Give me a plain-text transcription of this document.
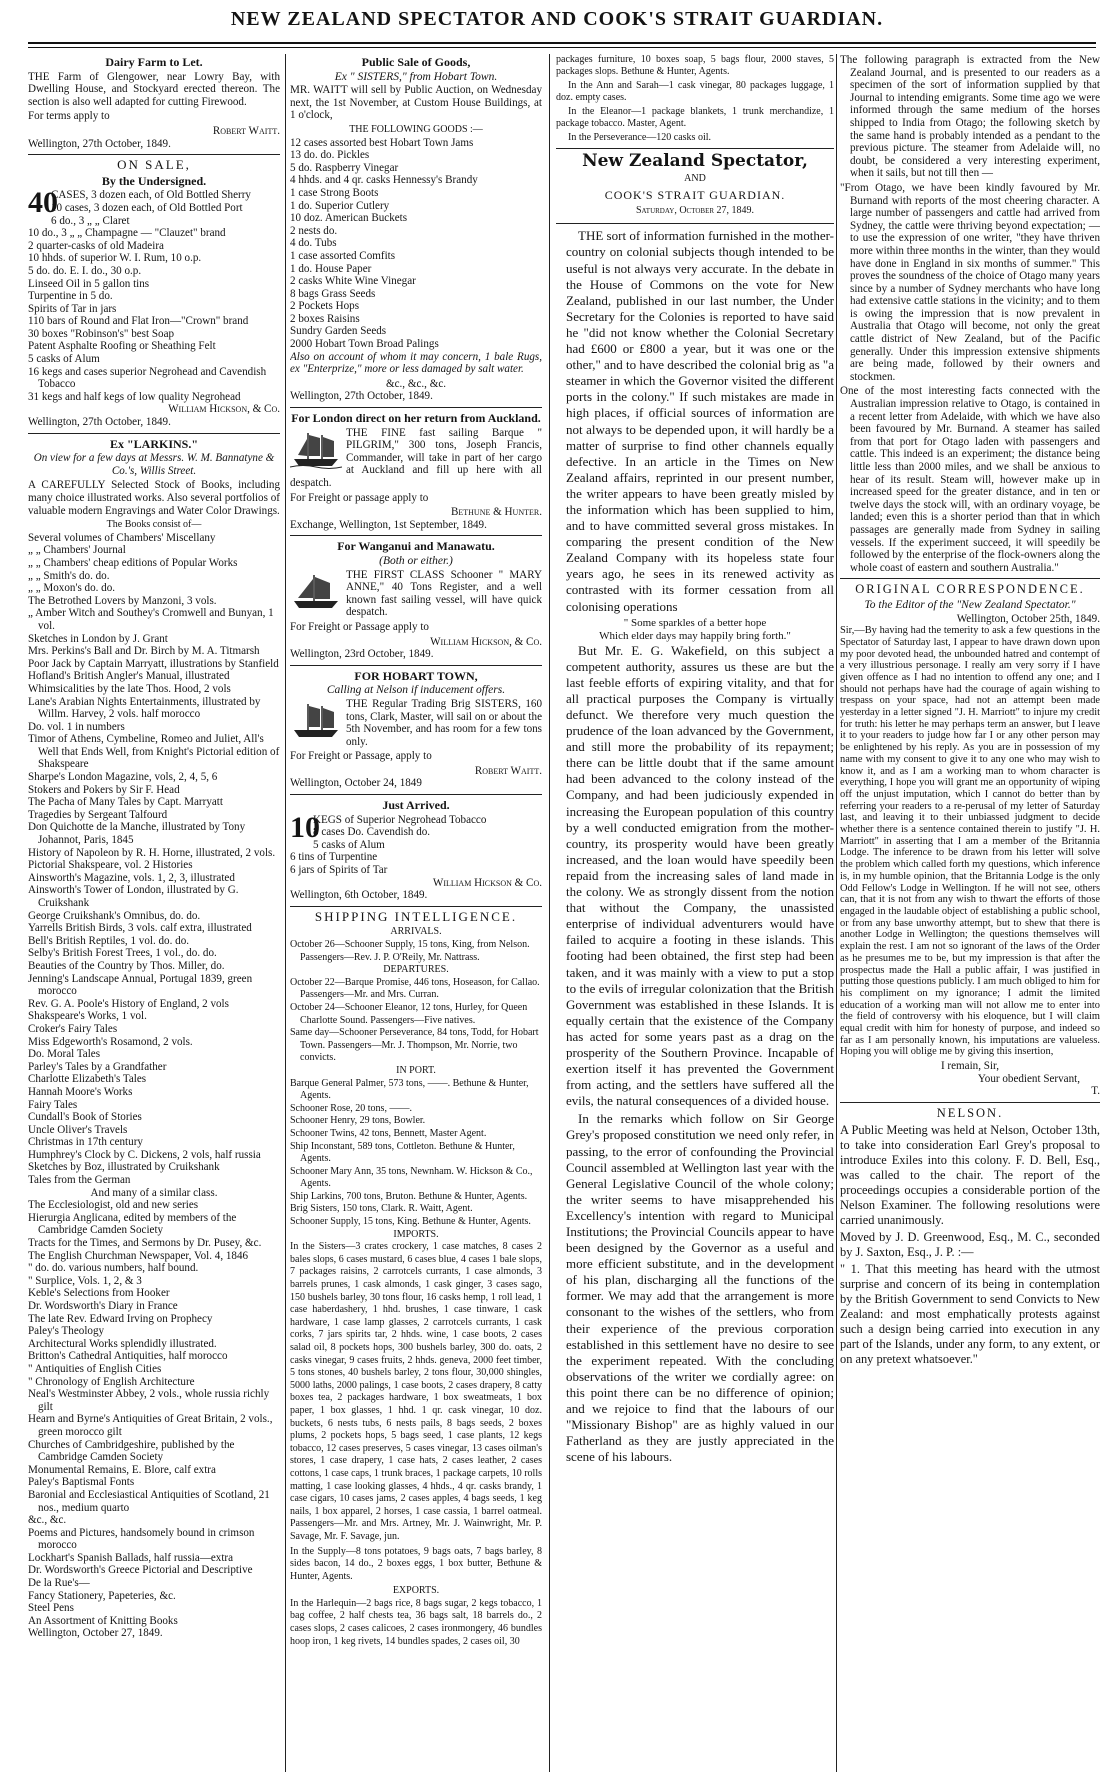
NEW ZEALAND SPECTATOR AND COOK'S STRAIT GUARDIAN.
Dairy Farm to Let.

THE Farm of Glengower, near Lowry Bay, with Dwelling House, and Stockyard erected thereon. The section is also well adapted for cutting Firewood.

For terms apply to

Robert Waitt.
Wellington, 27th October, 1849.
ON SALE,
By the Undersigned.
40
CASES, 3 dozen each, of Old Bottled Sherry
10 cases, 3 dozen each, of Old Bottled Port
6 do., 3 „ „ Claret
10 do., 3 „ „ Champagne — "Clauzet" brand
2 quarter-casks of old Madeira
10 hhds. of superior W. I. Rum, 10 o.p.
5 do. do. E. I. do., 30 o.p.
Linseed Oil in 5 gallon tins
Turpentine in 5 do.
Spirits of Tar in jars
110 bars of Round and Flat Iron—"Crown" brand
30 boxes "Robinson's" best Soap
Patent Asphalte Roofing or Sheathing Felt
5 casks of Alum
16 kegs and cases superior Negrohead and Cavendish Tobacco
31 kegs and half kegs of low quality Negrohead
William Hickson, & Co.
Wellington, 27th October, 1849.
Ex "LARKINS."

On view for a few days at Messrs. W. M. Bannatyne & Co.'s, Willis Street.

A CAREFULLY Selected Stock of Books, including many choice illustrated works. Also several portfolios of valuable modern Engravings and Water Color Drawings.

The Books consist of—
Several volumes of Chambers' Miscellany
„ „ Chambers' Journal
„ „ Chambers' cheap editions of Popular Works
„ „ Smith's do. do.
„ „ Moxon's do. do.
The Betrothed Lovers by Manzoni, 3 vols.
„ Amber Witch and Southey's Cromwell and Bunyan, 1 vol.
Sketches in London by J. Grant
Mrs. Perkins's Ball and Dr. Birch by M. A. Titmarsh
Poor Jack by Captain Marryatt, illustrations by Stanfield
Hofland's British Angler's Manual, illustrated
Whimsicalities by the late Thos. Hood, 2 vols
Lane's Arabian Nights Entertainments, illustrated by Willm. Harvey, 2 vols. half morocco
Do. vol. 1 in numbers
Timor of Athens, Cymbeline, Romeo and Juliet, All's Well that Ends Well, from Knight's Pictorial edition of Shakspeare
Sharpe's London Magazine, vols, 2, 4, 5, 6
Stokers and Pokers by Sir F. Head
The Pacha of Many Tales by Capt. Marryatt
Tragedies by Sergeant Talfourd
Don Quichotte de la Manche, illustrated by Tony Johannot, Paris, 1845
History of Napoleon by R. H. Horne, illustrated, 2 vols.
Pictorial Shakspeare, vol. 2 Histories
Ainsworth's Magazine, vols. 1, 2, 3, illustrated
Ainsworth's Tower of London, illustrated by G. Cruikshank
George Cruikshank's Omnibus, do. do.
Yarrells British Birds, 3 vols. calf extra, illustrated
Bell's British Reptiles, 1 vol. do. do.
Selby's British Forest Trees, 1 vol., do. do.
Beauties of the Country by Thos. Miller, do.
Jenning's Landscape Annual, Portugal 1839, green morocco
Rev. G. A. Poole's History of England, 2 vols
Shakspeare's Works, 1 vol.
Croker's Fairy Tales
Miss Edgeworth's Rosamond, 2 vols.
Do. Moral Tales
Parley's Tales by a Grandfather
Charlotte Elizabeth's Tales
Hannah Moore's Works
Fairy Tales
Cundall's Book of Stories
Uncle Oliver's Travels
Christmas in 17th century
Humphrey's Clock by C. Dickens, 2 vols, half russia
Sketches by Boz, illustrated by Cruikshank
Tales from the German
And many of a similar class.
The Ecclesiologist, old and new series
Hierurgia Anglicana, edited by members of the Cambridge Camden Society
Tracts for the Times, and Sermons by Dr. Pusey, &c.
The English Churchman Newspaper, Vol. 4, 1846
" do. do. various numbers, half bound.
" Surplice, Vols. 1, 2, & 3
Keble's Selections from Hooker
Dr. Wordsworth's Diary in France
The late Rev. Edward Irving on Prophecy
Paley's Theology
Architectural Works splendidly illustrated.
Britton's Cathedral Antiquities, half morocco
" Antiquities of English Cities
" Chronology of English Architecture
Neal's Westminster Abbey, 2 vols., whole russia richly gilt
Hearn and Byrne's Antiquities of Great Britain, 2 vols., green morocco gilt
Churches of Cambridgeshire, published by the Cambridge Camden Society
Monumental Remains, E. Blore, calf extra
Paley's Baptismal Fonts
Baronial and Ecclesiastical Antiquities of Scotland, 21 nos., medium quarto
&c., &c.
Poems and Pictures, handsomely bound in crimson morocco
Lockhart's Spanish Ballads, half russia—extra
Dr. Wordsworth's Greece Pictorial and Descriptive
De la Rue's—
Fancy Stationery, Papeteries, &c.
Steel Pens
An Assortment of Knitting Books
Wellington, October 27, 1849.
Public Sale of Goods,
Ex " SISTERS," from Hobart Town.

MR. WAITT will sell by Public Auction, on Wednesday next, the 1st November, at Custom House Buildings, at 1 o'clock,

THE FOLLOWING GOODS :—
12 cases assorted best Hobart Town Jams
13 do. do. Pickles
5 do. Raspberry Vinegar
4 hhds. and 4 qr. casks Hennessy's Brandy
1 case Strong Boots
1 do. Superior Cutlery
10 doz. American Buckets
2 nests do.
4 do. Tubs
1 case assorted Comfits
1 do. House Paper
2 casks White Wine Vinegar
8 bags Grass Seeds
2 Pockets Hops
2 boxes Raisins
Sundry Garden Seeds
2000 Hobart Town Broad Palings

Also on account of whom it may concern, 1 bale Rugs, ex "Enterprize," more or less damaged by salt water.

&c., &c., &c.
Wellington, 27th October, 1849.
For London direct on her return from Auckland.

THE FINE fast sailing Barque " PILGRIM," 300 tons, Joseph Francis, Commander, will take in part of her cargo at Auckland and fill up here with all despatch.

For Freight or passage apply to

Bethune & Hunter.
Exchange, Wellington, 1st September, 1849.
For Wanganui and Manawatu.
(Both or either.)

THE FIRST CLASS Schooner " MARY ANNE," 40 Tons Register, and a well known fast sailing vessel, will have quick despatch.

For Freight or Passage apply to

William Hickson, & Co.
Wellington, 23rd October, 1849.
FOR HOBART TOWN,
Calling at Nelson if inducement offers.

THE Regular Trading Brig SISTERS, 160 tons, Clark, Master, will sail on or about the 5th November, and has room for a few tons only.

For Freight or Passage, apply to

Robert Waitt.
Wellington, October 24, 1849
Just Arrived.
10
KEGS of Superior Negrohead Tobacco
8 cases Do. Cavendish do.
5 casks of Alum
6 tins of Turpentine
6 jars of Spirits of Tar
William Hickson & Co.
Wellington, 6th October, 1849.
SHIPPING INTELLIGENCE.
ARRIVALS.
October 26—Schooner Supply, 15 tons, King, from Nelson. Passengers—Rev. J. P. O'Reily, Mr. Nattrass.
DEPARTURES.
October 22—Barque Promise, 446 tons, Hoseason, for Callao. Passengers—Mr. and Mrs. Curran.
October 24—Schooner Eleanor, 12 tons, Hurley, for Queen Charlotte Sound. Passengers—Five natives.
Same day—Schooner Perseverance, 84 tons, Todd, for Hobart Town. Passengers—Mr. J. Thompson, Mr. Norrie, two convicts.
IN PORT.
Barque General Palmer, 573 tons, ——. Bethune & Hunter, Agents.
Schooner Rose, 20 tons, ——.
Schooner Henry, 29 tons, Bowler.
Schooner Twins, 42 tons, Bennett, Master Agent.
Ship Inconstant, 589 tons, Cottleton. Bethune & Hunter, Agents.
Schooner Mary Ann, 35 tons, Newnham. W. Hickson & Co., Agents.
Ship Larkins, 700 tons, Bruton. Bethune & Hunter, Agents.
Brig Sisters, 150 tons, Clark. R. Waitt, Agent.
Schooner Supply, 15 tons, King. Bethune & Hunter, Agents.
IMPORTS.

In the Sisters—3 crates crockery, 1 case matches, 8 cases 2 bales slops, 6 cases mustard, 6 cases blue, 4 cases 1 bale slops, 7 packages raisins, 2 carrotcels currants, 1 case almonds, 3 barrels prunes, 1 cask almonds, 1 cask ginger, 3 cases sago, 150 bushels barley, 30 tons flour, 16 casks hemp, 1 roll lead, 1 case haberdashery, 1 hhd. brushes, 1 case tinware, 1 cask hardware, 1 case lamp glasses, 2 carrotcels currants, 1 cask corks, 7 jars spirits tar, 2 hhds. wine, 1 case boots, 2 cases salad oil, 8 pockets hops, 300 bushels barley, 300 do. oats, 2 casks vinegar, 9 cases fruits, 2 hhds. geneva, 2000 feet timber, 5 tons stones, 40 bushels barley, 2 tons flour, 30,000 shingles, 5000 laths, 2000 palings, 1 case boots, 2 cases drapery, 8 catty boxes tea, 2 packages hardware, 1 box sweatmeats, 1 box paper, 1 box glasses, 1 hhd. 1 qr. cask vinegar, 10 doz. buckets, 6 nests tubs, 6 nests pails, 8 bags seeds, 2 boxes plums, 2 pockets hops, 5 bags seed, 1 case plants, 12 kegs tobacco, 12 cases preserves, 5 cases vinegar, 13 cases oilman's stores, 1 case drapery, 1 case hats, 2 cases leather, 2 cases cottons, 1 case caps, 1 trunk braces, 1 package carpets, 10 rolls matting, 1 case looking glasses, 4 hhds., 4 qr. casks brandy, 1 case cigars, 10 cases jams, 2 cases apples, 4 bags seeds, 1 keg nails, 1 box apparel, 2 horses, 1 case cassia, 1 barrel oatmeal. Passengers—Mr. and Mrs. Artney, Mr. J. Wainwright, Mr. P. Savage, Mr. F. Savage, jun.

In the Supply—8 tons potatoes, 9 bags oats, 7 bags barley, 8 sides bacon, 14 do., 2 boxes eggs, 1 box butter, Bethune & Hunter, Agents.

EXPORTS.

In the Harlequin—2 bags rice, 8 bags sugar, 2 kegs tobacco, 1 bag coffee, 2 half chests tea, 36 bags salt, 18 barrels do., 2 cases slops, 2 cases calicoes, 2 cases ironmongery, 46 bundles hoop iron, 1 keg rivets, 14 bundles spades, 2 cases oil, 30

packages furniture, 10 boxes soap, 5 bags flour, 2000 staves, 5 packages slops. Bethune & Hunter, Agents.

In the Ann and Sarah—1 cask vinegar, 80 packages luggage, 1 doz. empty cases.

In the Eleanor—1 package blankets, 1 trunk merchandize, 1 package tobacco. Master, Agent.

In the Perseverance—120 casks oil.

New Zealand Spectator,
AND
COOK'S STRAIT GUARDIAN.
Saturday, October 27, 1849.

THE sort of information furnished in the mother-country on colonial subjects though intended to be useful is not always very accurate. In the debate in the House of Commons on the vote for New Zealand, published in our last number, the Under Secretary for the Colonies is reported to have said he "did not know whether the Colonial Secretary had £600 or £800 a year, but it was one or the other," and to have described the colonial brig as "a steamer in which the Governor visited the different ports in the colony." If such mistakes are made in high places, if official sources of information are not always to be depended upon, it will hardly be a matter of surprise to find other channels equally defective. In an article in the Times on New Zealand affairs, reprinted in our present number, the writer appears to have been greatly misled by the information which has been supplied to him, and to have committed several gross mistakes. In comparing the present condition of the New Zealand Company with its hopeless state four years ago, he sees in its renewed activity as contrasted with its former cessation from all colonising operations

" Some sparkles of a better hope
Which elder days may happily bring forth."

But Mr. E. G. Wakefield, on this subject a competent authority, assures us these are but the last feeble efforts of expiring vitality, and that for all practical purposes the Company is virtually defunct. We therefore very much question the prudence of the loan advanced by the Government, and still more the probability of its repayment; there can be little doubt that if the same amount had been advanced to the colony instead of the Company, and had been judiciously expended in increasing the European population of this country by a well conducted emigration from the mother-country, its prosperity would have been greatly increased, and the loan would have speedily been repaid from the increasing sales of land made in the colony. We as strongly dissent from the notion that without the Company, the unassisted enterprise of individual adventurers would have failed to acquire a footing in these islands. This footing had been obtained, the first step had been taken, and it was mainly with a view to put a stop to the evils of irregular colonization that the British Government was established in these Islands. It is equally certain that the existence of the Company has acted for some years past as a drag on the prosperity of the Southern Province. Incapable of exertion itself it has prevented the Government from acting, and the settlers have suffered all the evils, the natural consequences of a divided house.

In the remarks which follow on Sir George Grey's proposed constitution we need only refer, in passing, to the error of confounding the Provincial Council assembled at Wellington last year with the General Legislative Council of the whole colony; the writer seems to have misapprehended his Excellency's intention with regard to Municipal Institutions; the Provincial Councils appear to have been designed by the Governor as a useful and more efficient substitute, and in the development of his plan, discharging all the functions of the former. We may add that the arrangement is more consonant to the wishes of the settlers, who from their experience of the previous corporation established in this settlement have no desire to see the experiment repeated. With the concluding observations of the writer we cordially agree: on this point there can be no difference of opinion; and we rejoice to find that the labours of our "Missionary Bishop" are as highly valued in our Fatherland as they are justly appreciated in the scene of his labours.

The following paragraph is extracted from the New Zealand Journal, and is presented to our readers as a specimen of the sort of information supplied by that Journal to intending emigrants. Some time ago we were informed through the same medium of the horses shipped to India from Otago; the following sketch by the same hand is probably intended as a pendant to the previous picture. The steamer from Adelaide will, no doubt, be considered a very interesting experiment, when it sails, but not till then —

"From Otago, we have been kindly favoured by Mr. Burnand with reports of the most cheering character. A large number of passengers and cattle had arrived from Sydney, the cattle were thriving beyond expectation; —to use the expression of one writer, "they have thriven more within three months in the winter, than they would have done in England in six months of summer." This proves the soundness of the choice of Otago many years since by a number of Sydney merchants who have long had extensive cattle stations in the vicinity; and to them is owing the impression that is now prevalent in Australia that Otago will become, not only the great cattle district of New Zealand, but of the Pacific generally. Under this impression extensive shipments are being made, followed by their owners and stockmen.

One of the most interesting facts connected with the Australian impression relative to Otago, is contained in a recent letter from Adelaide, with which we have also been favoured by Mr. Burnand. A steamer has sailed from that port for Otago laden with passengers and cattle. This indeed is an experiment; the distance being little less than 2000 miles, and we shall be anxious to hear of its result. Steam will, however make up in increased speed for the greater distance, and in ten or twelve days the stock will, with an ordinary voyage, be landed; even this is a shorter period than that in which passages are generally made from Sydney in sailing vessels. If the experiment succeed, it will speedily be followed by the enterprise of the flock-owners along the whole coast of eastern and southern Australia."

ORIGINAL CORRESPONDENCE.
To the Editor of the "New Zealand Spectator."
Wellington, October 25th, 1849.

Sir,—By having had the temerity to ask a few questions in the Spectator of Saturday last, I appear to have drawn down upon my poor devoted head, the unbounded hatred and contempt of a very illustrious personage. I really am very sorry if I have given offence as I had no intention to offend any one; and I should not perhaps have had the courage of again wishing to trespass on your space, had not an attempt been made yesterday in a letter signed "J. H. Marriott" to injure my credit for truth: his letter he may perhaps term an answer, but I leave it to your readers to judge how far I or any other person may be enlightened by his reply. As you are in possession of my name with my consent to give it to any one who may wish to know it, and as I am a working man to whom character is everything, I hope you will grant me an opportunity of wiping off the unjust imputation, which I cannot do better than by referring your readers to a re-perusal of my letter of Saturday last, and leaving it to their unbiassed judgment to decide whether there is a sentence contained therein to justify "J. H. Marriott" in asserting that I am a member of the Britannia Lodge. The inference to be drawn from his letter will solve the problem which called forth my questions, which inference is, in my humble opinion, that the Britannia Lodge is the only Odd Fellow's Lodge in Wellington. If he will not see, others can, that it is not from any wish to thwart the efforts of those engaged in the laudable object of establishing a public school, or from any base unworthy attempt, but to shew that there is another Lodge in Wellington; the questions themselves will explain the rest. I am not so ignorant of the laws of the Order as he presumes me to be, but my impression is that after the prospectus made the Hall a public affair, I was justified in putting those questions publicly. I am much obliged to him for his compliment on my ignorance; I admit the limited education of a working man will not allow me to enter into the field of controversy with his eloquence, but I will claim equal credit with him for honesty of purpose, and indeed so far as I am personally known, his imputations are valueless. Hoping you will oblige me by giving this insertion,

I remain, Sir,
Your obedient Servant,
T.
NELSON.

A Public Meeting was held at Nelson, October 13th, to take into consideration Earl Grey's proposal to introduce Exiles into this colony. F. D. Bell, Esq., was called to the chair. The report of the proceedings occupies a considerable portion of the Nelson Examiner. The following resolutions were carried unanimously.

Moved by J. D. Greenwood, Esq., M. C., seconded by J. Saxton, Esq., J. P. :—

" 1. That this meeting has heard with the utmost surprise and concern of its being in contemplation by the British Government to send Convicts to New Zealand: and most emphatically protests against such a design being carried into execution in any part of the Islands, under any form, to any extent, or on any pretext whatsoever."
